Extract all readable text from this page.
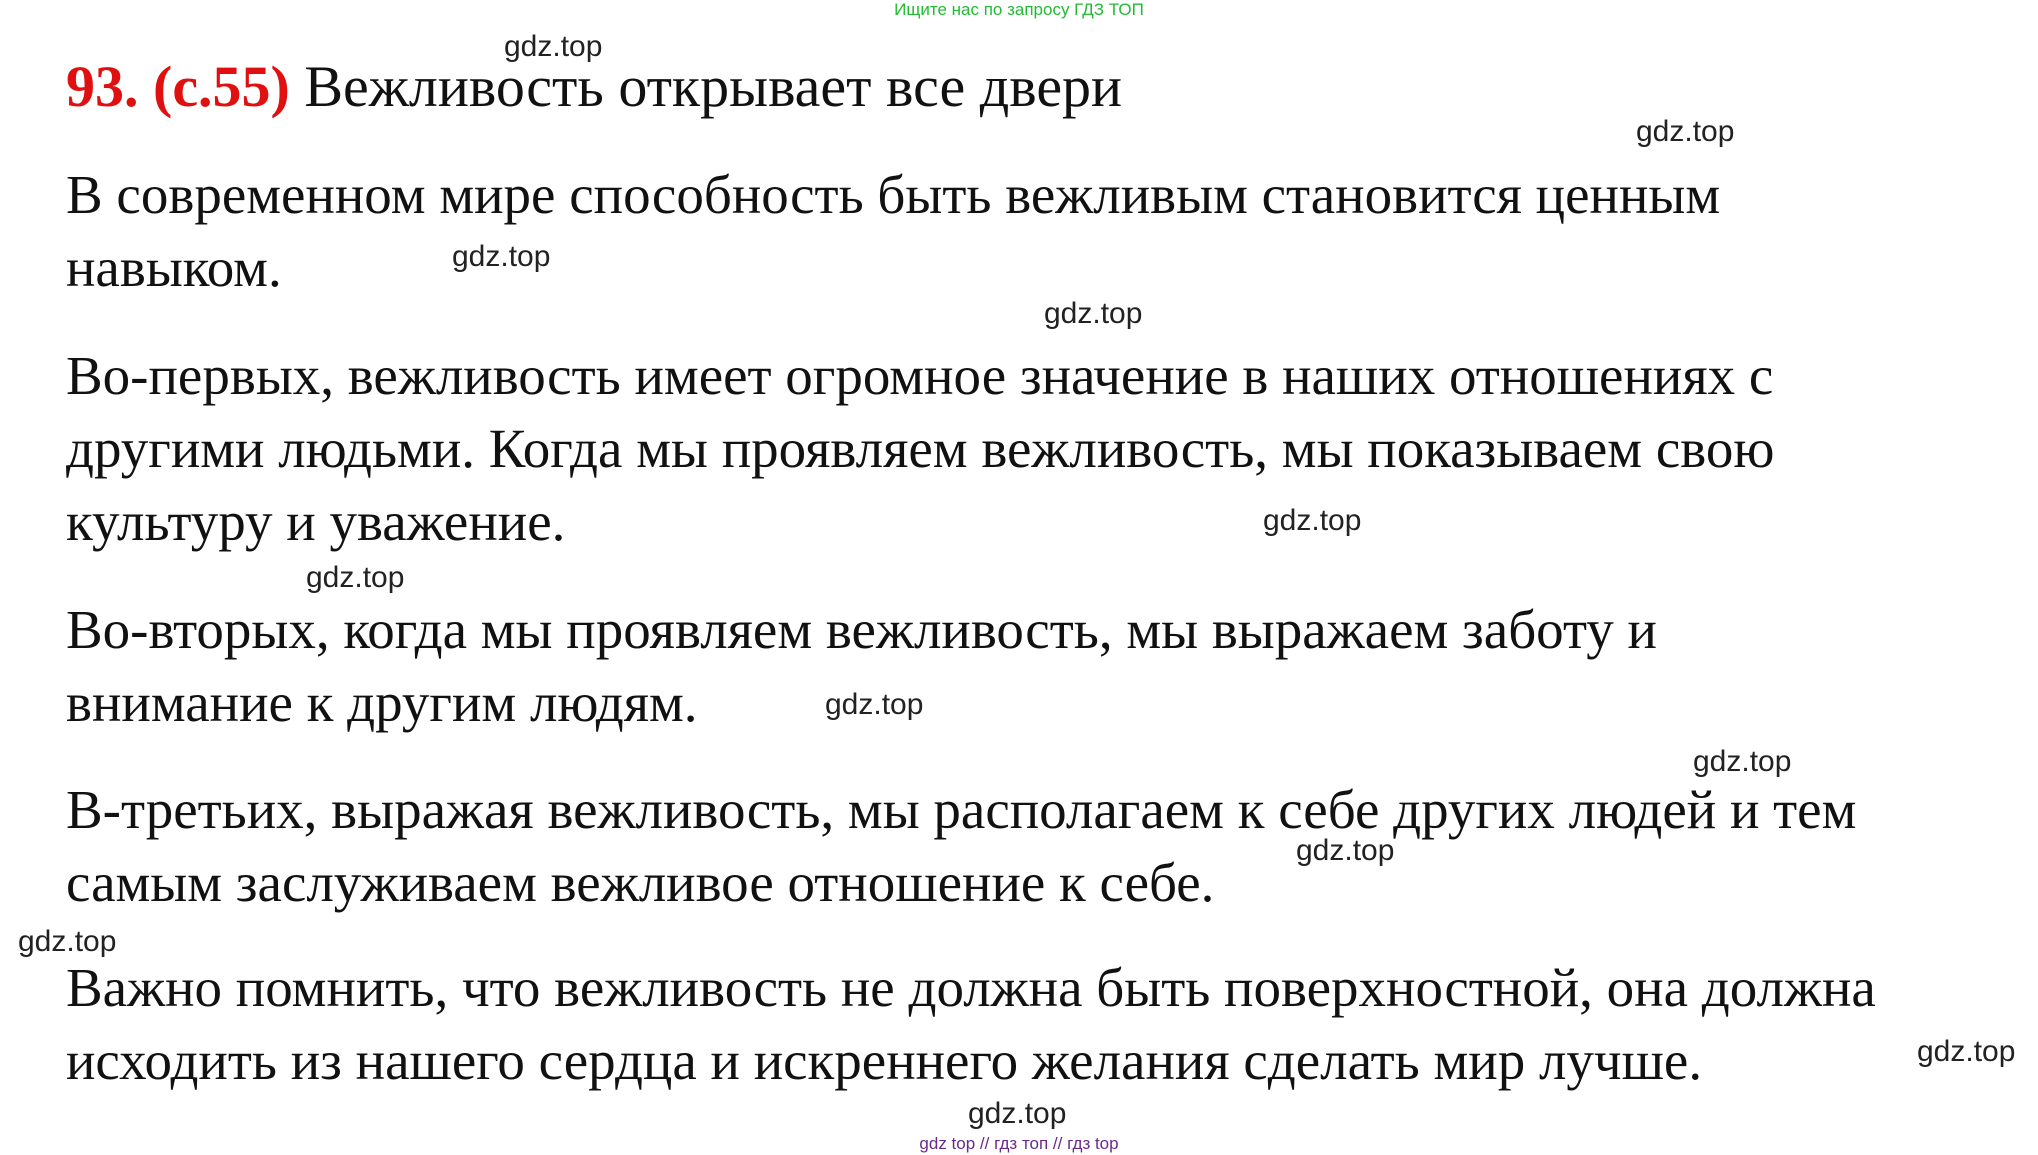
Ищите нас по запросу ГДЗ ТОП
93. (с.55) Вежливость открывает все двери
В современном мире способность быть вежливым становится ценным
навыком.
Во-первых, вежливость имеет огромное значение в наших отношениях с
другими людьми. Когда мы проявляем вежливость, мы показываем свою
культуру и уважение.
Во-вторых, когда мы проявляем вежливость, мы выражаем заботу и
внимание к другим людям.
В-третьих, выражая вежливость, мы располагаем к себе других людей и тем
самым заслуживаем вежливое отношение к себе.
Важно помнить, что вежливость не должна быть поверхностной, она должна
исходить из нашего сердца и искреннего желания сделать мир лучше.
gdz.top
gdz.top
gdz.top
gdz.top
gdz.top
gdz.top
gdz.top
gdz.top
gdz.top
gdz.top
gdz.top
gdz.top
gdz top // гдз топ // гдз top
